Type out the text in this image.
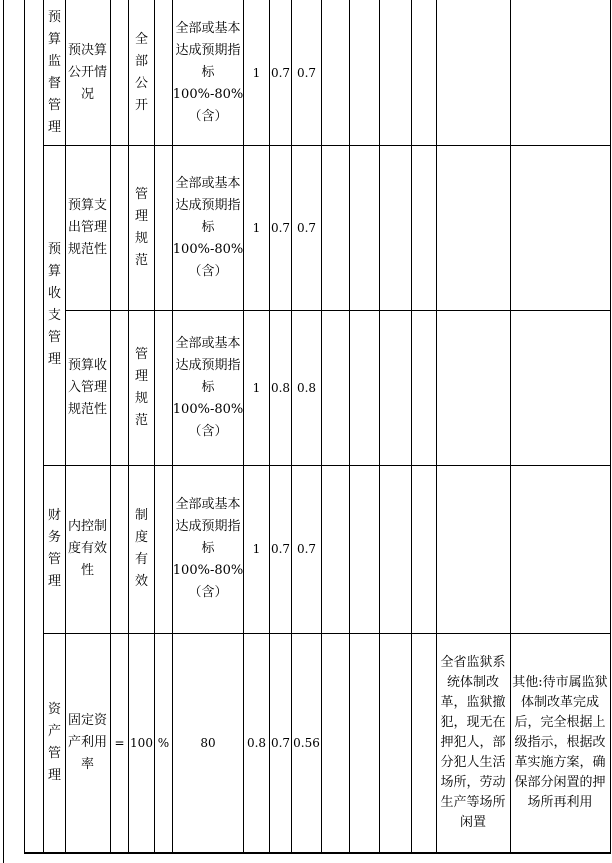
预算监督管理
预决算公开情况
全部公开
全部或基本达成预期指标 100%-80%（含）
1 0.7 0.7
预算收支管理
预算支出管理规范性
管理规范
全部或基本达成预期指标 100%-80%（含）
1 0.7 0.7
预算收入管理规范性
管理规范
全部或基本达成预期指标 100%-80%（含）
1 0.8 0.8
财务管理
内控制度有效性
制度有效
全部或基本达成预期指标 100%-80%（含）
1 0.7 0.7
资产管理
固定资产利用率
= 100 %	80	0.8 0.7 0.56
全省监狱系统体制改革，监狱撤犯，现无在押犯人，部分犯人生活场所，劳动生产等场所闲置
其他:待市属监狱体制改革完成后，完全根据上级指示，根据改革实施方案，确保部分闲置的押场所再利用
